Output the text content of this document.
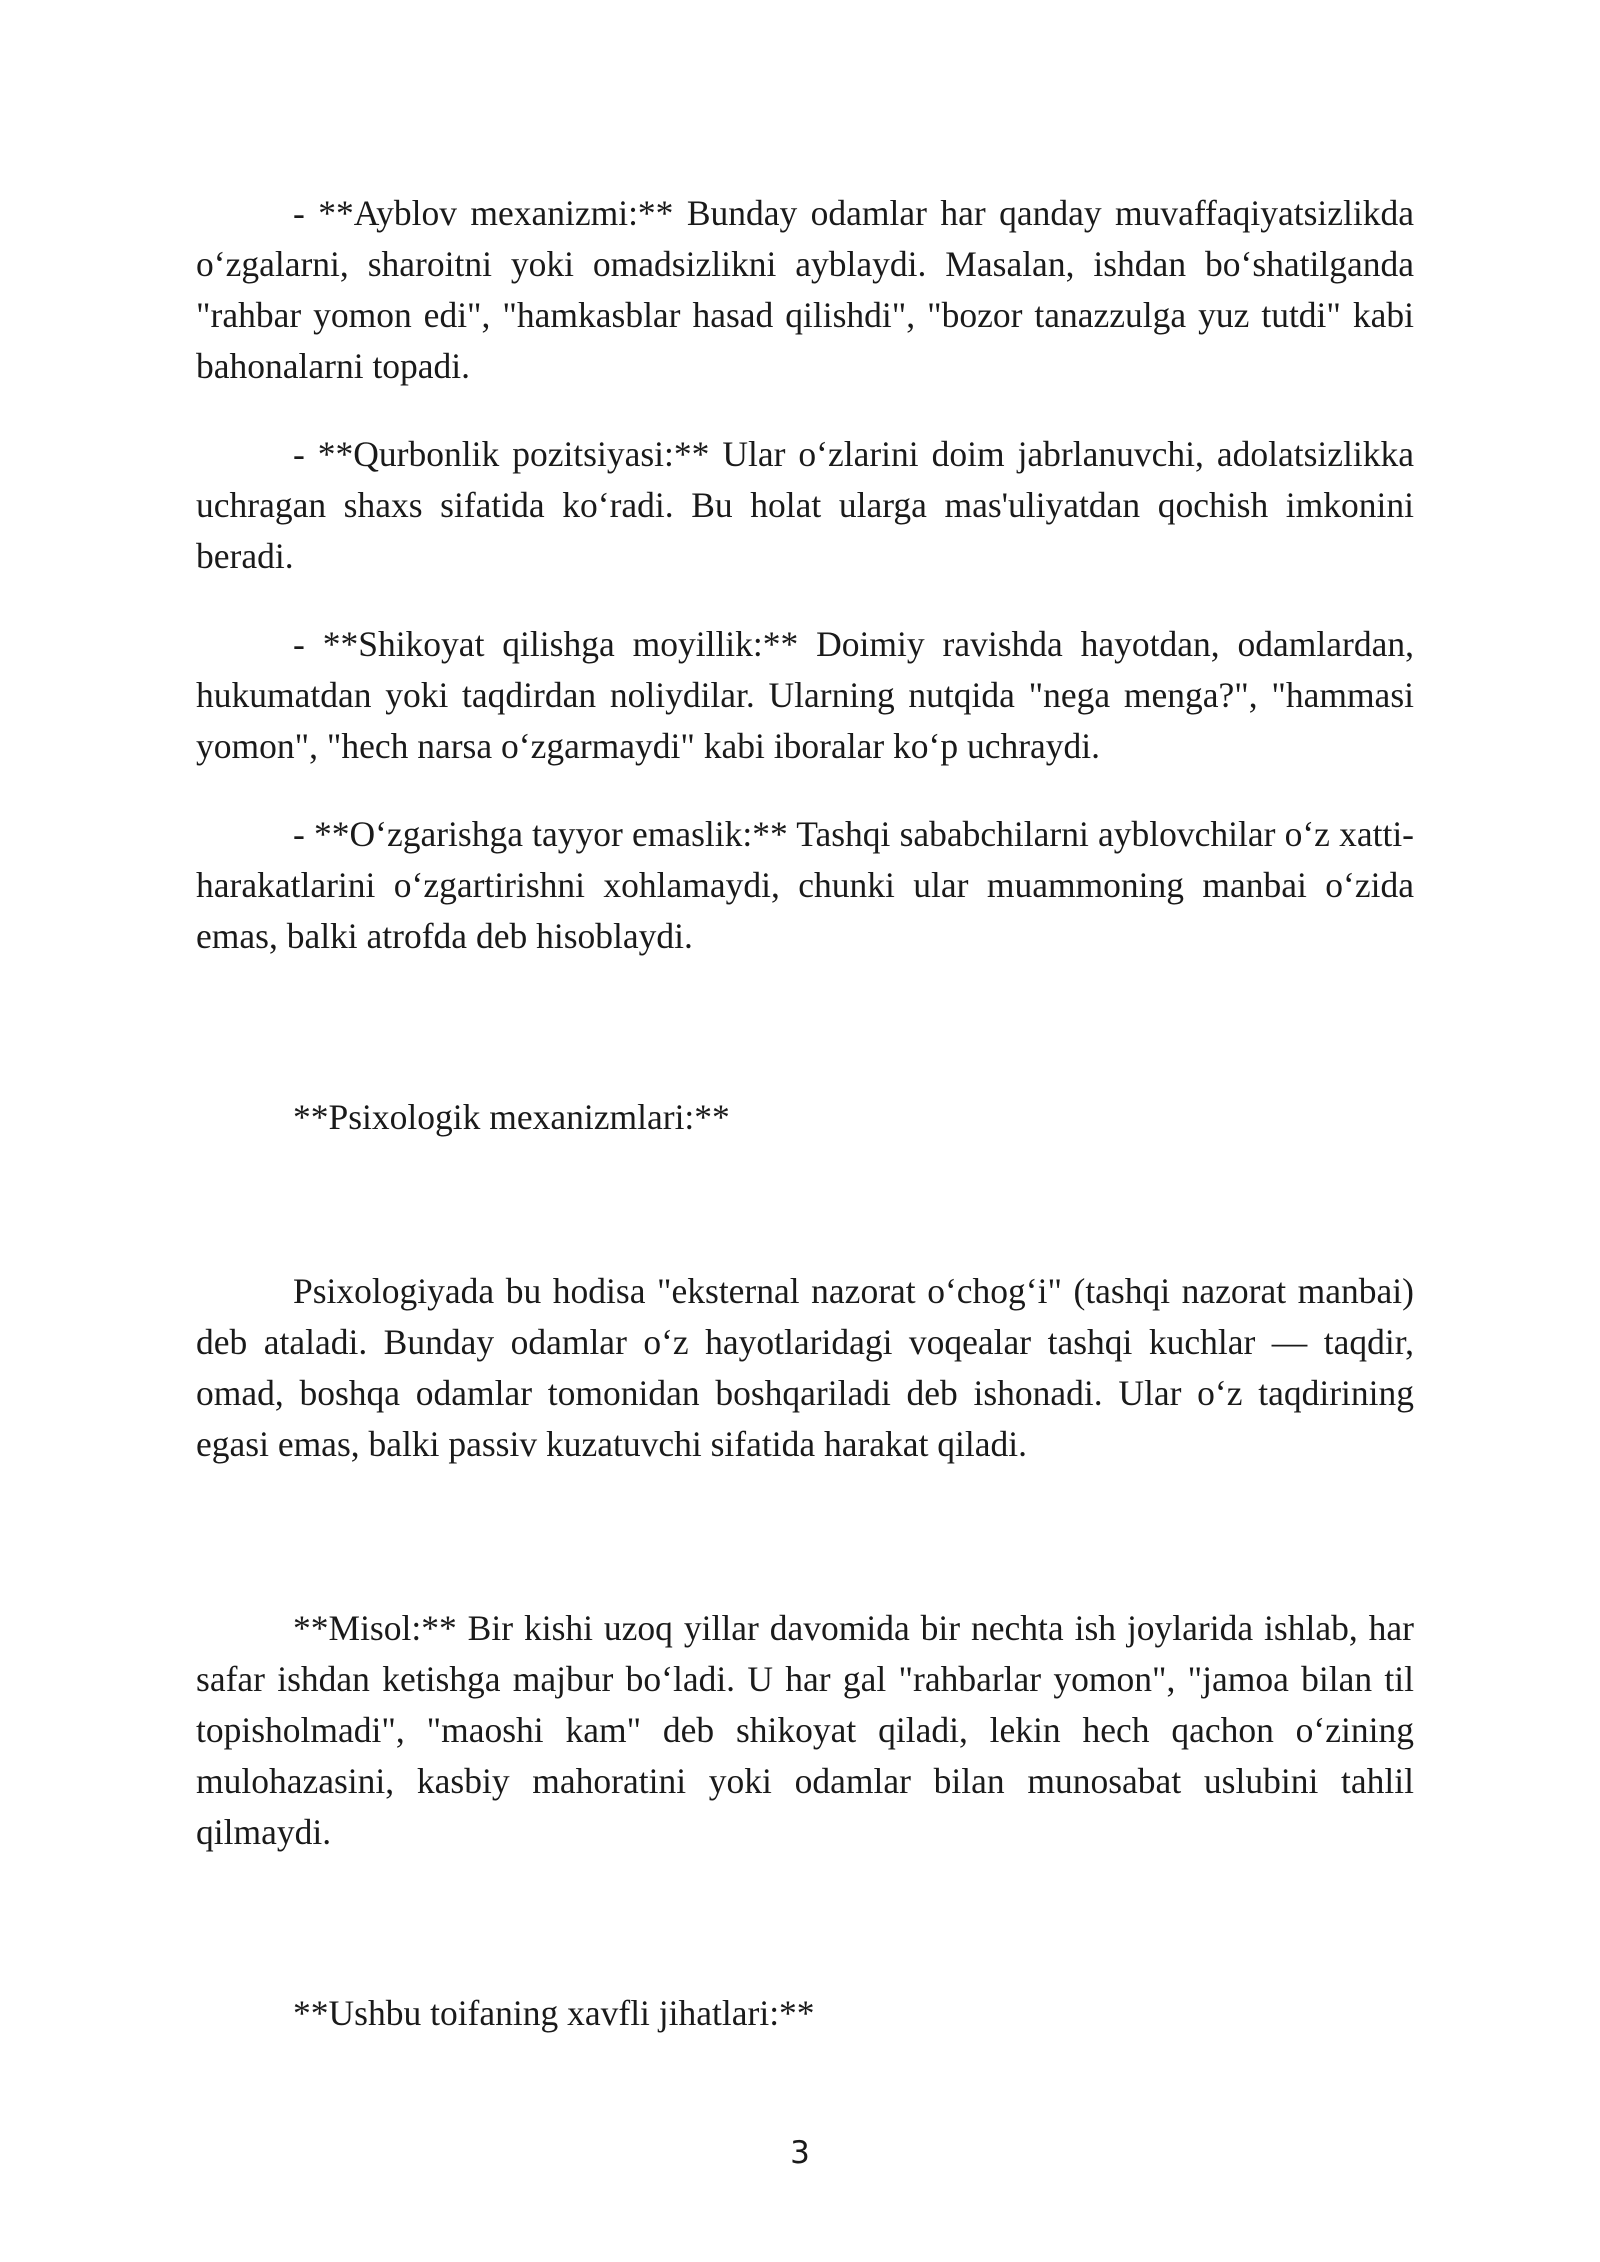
- **Ayblov mexanizmi:** Bunday odamlar har qanday muvaffaqiyatsizlikda o‘zgalarni, sharoitni yoki omadsizlikni ayblaydi. Masalan, ishdan bo‘shatilganda "rahbar yomon edi", "hamkasblar hasad qilishdi", "bozor tanazzulga yuz tutdi" kabi bahonalarni topadi.

- **Qurbonlik pozitsiyasi:** Ular o‘zlarini doim jabrlanuvchi, adolatsizlikka uchragan shaxs sifatida ko‘radi. Bu holat ularga mas'uliyatdan qochish imkonini beradi.

- **Shikoyat qilishga moyillik:** Doimiy ravishda hayotdan, odamlardan, hukumatdan yoki taqdirdan noliydilar. Ularning nutqida "nega menga?", "hammasi yomon", "hech narsa o‘zgarmaydi" kabi iboralar ko‘p uchraydi.

- **O‘zgarishga tayyor emaslik:** Tashqi sababchilarni ayblovchilar o‘z xatti-harakatlarini o‘zgartirishni xohlamaydi, chunki ular muammoning manbai o‘zida emas, balki atrofda deb hisoblaydi.

**Psixologik mexanizmlari:**

Psixologiyada bu hodisa "eksternal nazorat o‘chog‘i" (tashqi nazorat manbai) deb ataladi. Bunday odamlar o‘z hayotlaridagi voqealar tashqi kuchlar — taqdir, omad, boshqa odamlar tomonidan boshqariladi deb ishonadi. Ular o‘z taqdirining egasi emas, balki passiv kuzatuvchi sifatida harakat qiladi.

**Misol:** Bir kishi uzoq yillar davomida bir nechta ish joylarida ishlab, har safar ishdan ketishga majbur bo‘ladi. U har gal "rahbarlar yomon", "jamoa bilan til topisholmadi", "maoshi kam" deb shikoyat qiladi, lekin hech qachon o‘zining mulohazasini, kasbiy mahoratini yoki odamlar bilan munosabat uslubini tahlil qilmaydi.

**Ushbu toifaning xavfli jihatlari:**

3
